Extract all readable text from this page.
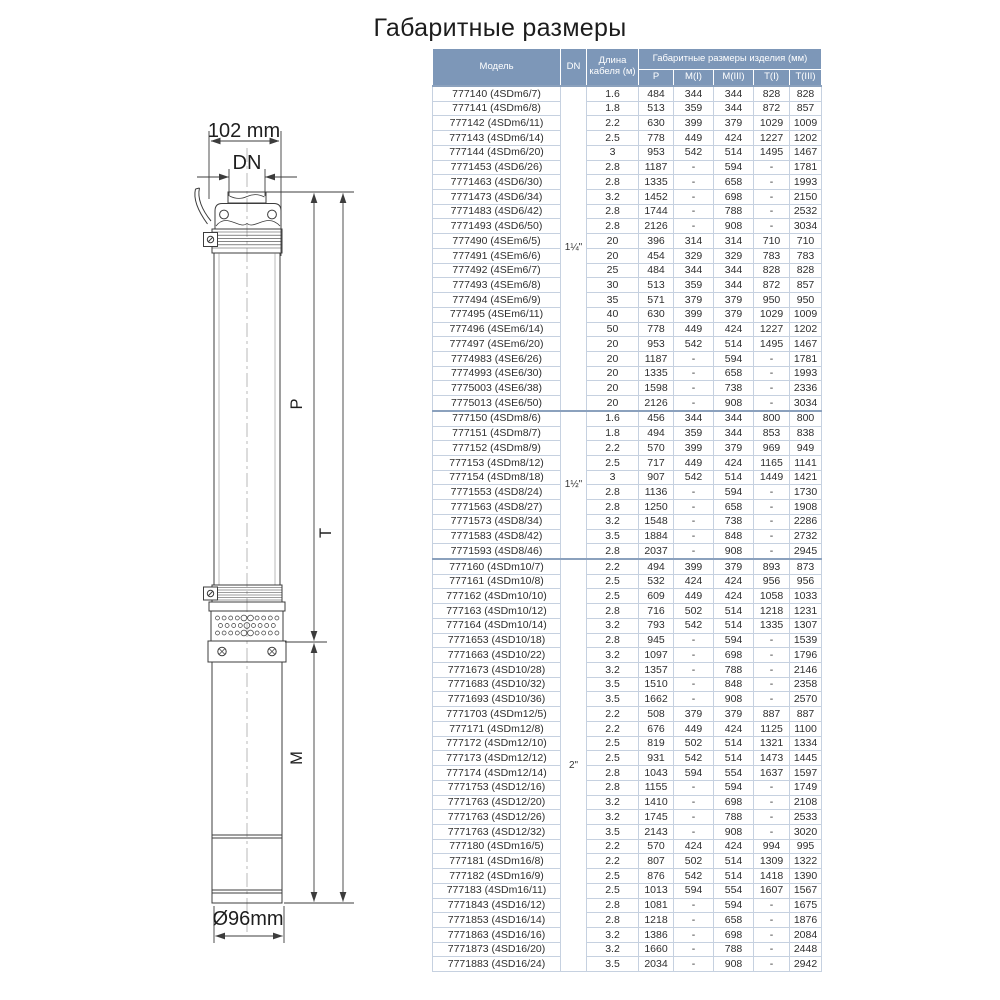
Габаритные размеры
102 mm
DN
P
T
M
Ø96mm
Модель	DN	Длина кабеля (м)	Габаритные размеры изделия (мм)				
			P	M(I)	M(III)	T(I)	T(III)
777140 (4SDm6/7)	1¼"	1.6	484	344	344	828	828
777141 (4SDm6/8)		1.8	513	359	344	872	857
777142 (4SDm6/11)		2.2	630	399	379	1029	1009
777143 (4SDm6/14)		2.5	778	449	424	1227	1202
777144 (4SDm6/20)		3	953	542	514	1495	1467
7771453 (4SD6/26)		2.8	1187	-	594	-	1781
7771463 (4SD6/30)		2.8	1335	-	658	-	1993
7771473 (4SD6/34)		3.2	1452	-	698	-	2150
7771483 (4SD6/42)		2.8	1744	-	788	-	2532
7771493 (4SD6/50)		2.8	2126	-	908	-	3034
777490 (4SEm6/5)		20	396	314	314	710	710
777491 (4SEm6/6)		20	454	329	329	783	783
777492 (4SEm6/7)		25	484	344	344	828	828
777493 (4SEm6/8)		30	513	359	344	872	857
777494 (4SEm6/9)		35	571	379	379	950	950
777495 (4SEm6/11)		40	630	399	379	1029	1009
777496 (4SEm6/14)		50	778	449	424	1227	1202
777497 (4SEm6/20)		20	953	542	514	1495	1467
7774983 (4SE6/26)		20	1187	-	594	-	1781
7774993 (4SE6/30)		20	1335	-	658	-	1993
7775003 (4SE6/38)		20	1598	-	738	-	2336
7775013 (4SE6/50)		20	2126	-	908	-	3034
777150 (4SDm8/6)	1½"	1.6	456	344	344	800	800
777151 (4SDm8/7)		1.8	494	359	344	853	838
777152 (4SDm8/9)		2.2	570	399	379	969	949
777153 (4SDm8/12)		2.5	717	449	424	1165	1141
777154 (4SDm8/18)		3	907	542	514	1449	1421
7771553 (4SD8/24)		2.8	1136	-	594	-	1730
7771563 (4SD8/27)		2.8	1250	-	658	-	1908
7771573 (4SD8/34)		3.2	1548	-	738	-	2286
7771583 (4SD8/42)		3.5	1884	-	848	-	2732
7771593 (4SD8/46)		2.8	2037	-	908	-	2945
777160 (4SDm10/7)	2"	2.2	494	399	379	893	873
777161 (4SDm10/8)		2.5	532	424	424	956	956
777162 (4SDm10/10)		2.5	609	449	424	1058	1033
777163 (4SDm10/12)		2.8	716	502	514	1218	1231
777164 (4SDm10/14)		3.2	793	542	514	1335	1307
7771653 (4SD10/18)		2.8	945	-	594	-	1539
7771663 (4SD10/22)		3.2	1097	-	698	-	1796
7771673 (4SD10/28)		3.2	1357	-	788	-	2146
7771683 (4SD10/32)		3.5	1510	-	848	-	2358
7771693 (4SD10/36)		3.5	1662	-	908	-	2570
7771703 (4SDm12/5)		2.2	508	379	379	887	887
777171 (4SDm12/8)		2.2	676	449	424	1125	1100
777172 (4SDm12/10)		2.5	819	502	514	1321	1334
777173 (4SDm12/12)		2.5	931	542	514	1473	1445
777174 (4SDm12/14)		2.8	1043	594	554	1637	1597
7771753 (4SD12/16)		2.8	1155	-	594	-	1749
7771763 (4SD12/20)		3.2	1410	-	698	-	2108
7771763 (4SD12/26)		3.2	1745	-	788	-	2533
7771763 (4SD12/32)		3.5	2143	-	908	-	3020
777180 (4SDm16/5)		2.2	570	424	424	994	995
777181 (4SDm16/8)		2.2	807	502	514	1309	1322
777182 (4SDm16/9)		2.5	876	542	514	1418	1390
777183 (4SDm16/11)		2.5	1013	594	554	1607	1567
7771843 (4SD16/12)		2.8	1081	-	594	-	1675
7771853 (4SD16/14)		2.8	1218	-	658	-	1876
7771863 (4SD16/16)		3.2	1386	-	698	-	2084
7771873 (4SD16/20)		3.2	1660	-	788	-	2448
7771883 (4SD16/24)		3.5	2034	-	908	-	2942
